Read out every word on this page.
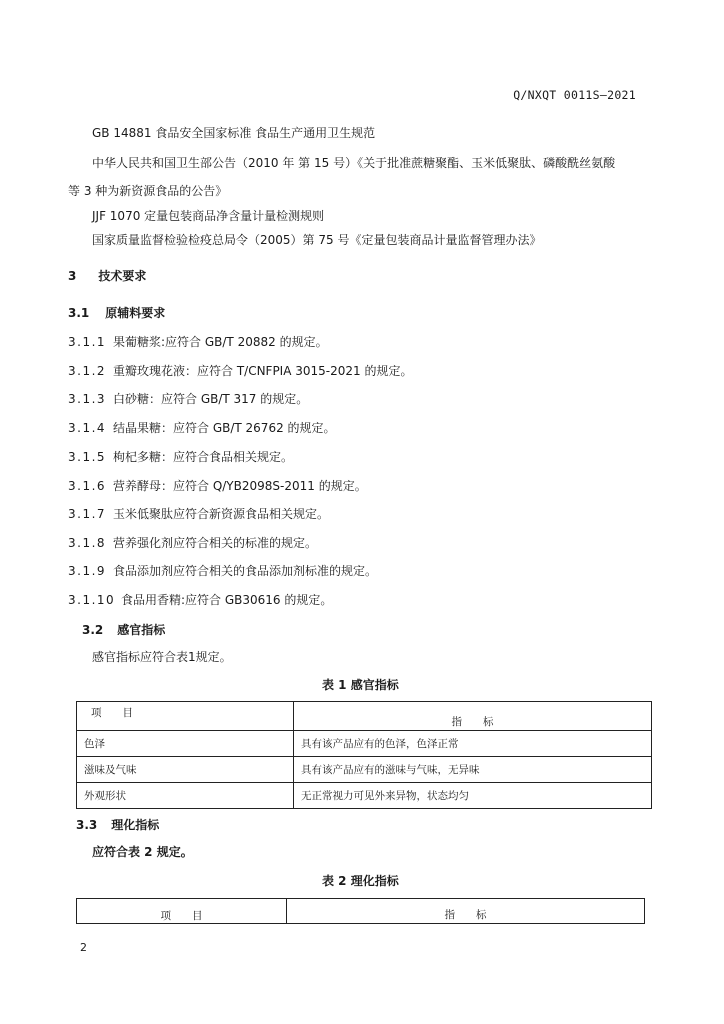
Q/NXQT 0011S—2021
GB 14881 食品安全国家标准 食品生产通用卫生规范
中华人民共和国卫生部公告（2010 年 第 15 号）《关于批准蔗糖聚酯、玉米低聚肽、磷酸酰丝氨酸
等 3 种为新资源食品的公告》
JJF 1070 定量包装商品净含量计量检测规则
国家质量监督检验检疫总局令（2005）第 75 号《定量包装商品计量监督管理办法》
3 技术要求
3.1 原辅料要求
3.1.1 果葡糖浆:应符合 GB/T 20882 的规定。
3.1.2 重瓣玫瑰花液：应符合 T/CNFPIA 3015-2021 的规定。
3.1.3 白砂糖：应符合 GB/T 317 的规定。
3.1.4 结晶果糖：应符合 GB/T 26762 的规定。
3.1.5 枸杞多糖：应符合食品相关规定。
3.1.6 营养酵母：应符合 Q/YB2098S-2011 的规定。
3.1.7 玉米低聚肽应符合新资源食品相关规定。
3.1.8 营养强化剂应符合相关的标准的规定。
3.1.9 食品添加剂应符合相关的食品添加剂标准的规定。
3.1.10 食品用香精:应符合 GB30616 的规定。
3.2 感官指标
感官指标应符合表1规定。
表 1 感官指标
项　　目	指　　标
色泽	具有该产品应有的色泽，色泽正常
滋味及气味	具有该产品应有的滋味与气味，无异味
外观形状	无正常视力可见外来异物，状态均匀
3.3 理化指标
应符合表 2 规定。
表 2 理化指标
项　　目	指　　标
2
